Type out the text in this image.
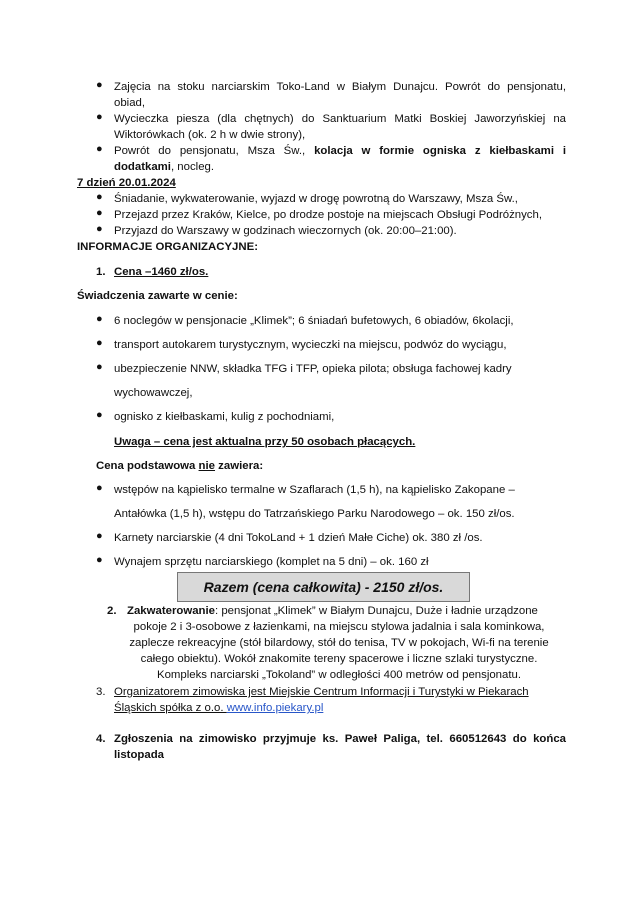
● Zajęcia na stoku narciarskim Toko-Land w Białym Dunajcu. Powrót do pensjonatu,
obiad,
● Wycieczka piesza (dla chętnych) do Sanktuarium Matki Boskiej Jaworzyńskiej na
Wiktorówkach (ok. 2 h w dwie strony),
● Powrót do pensjonatu, Msza Św., kolacja w formie ogniska z kiełbaskami i
dodatkami, nocleg.
7 dzień 20.01.2024
● Śniadanie, wykwaterowanie, wyjazd w drogę powrotną do Warszawy, Msza Św.,
● Przejazd przez Kraków, Kielce, po drodze postoje na miejscach Obsługi Podróżnych,
● Przyjazd do Warszawy w godzinach wieczornych (ok. 20:00–21:00).
INFORMACJE ORGANIZACYJNE:
1. Cena –1460 zł/os.
Świadczenia zawarte w cenie:
● 6 noclegów w pensjonacie „Klimek”; 6 śniadań bufetowych, 6 obiadów, 6kolacji,
● transport autokarem turystycznym, wycieczki na miejscu, podwóz do wyciągu,
● ubezpieczenie NNW, składka TFG i TFP, opieka pilota; obsługa fachowej kadry
wychowawczej,
● ognisko z kiełbaskami, kulig z pochodniami,
Uwaga – cena jest aktualna przy 50 osobach płacących.
Cena podstawowa nie zawiera:
● wstępów na kąpielisko termalne w Szaflarach (1,5 h), na kąpielisko Zakopane –
Antałówka (1,5 h), wstępu do Tatrzańskiego Parku Narodowego – ok. 150 zł/os.
● Karnety narciarskie (4 dni TokoLand + 1 dzień Małe Ciche) ok. 380 zł /os.
● Wynajem sprzętu narciarskiego (komplet na 5 dni) – ok. 160 zł
Razem (cena całkowita) - 2150 zł/os.
2. Zakwaterowanie: pensjonat „Klimek” w Białym Dunajcu, Duże i ładnie urządzone
pokoje 2 i 3-osobowe z łazienkami, na miejscu stylowa jadalnia i sala kominkowa,
zaplecze rekreacyjne (stół bilardowy, stół do tenisa, TV w pokojach, Wi-fi na terenie
całego obiektu). Wokół znakomite tereny spacerowe i liczne szlaki turystyczne.
Kompleks narciarski „Tokoland” w odległości 400 metrów od pensjonatu.
3. Organizatorem zimowiska jest Miejskie Centrum Informacji i Turystyki w Piekarach
Śląskich spółka z o.o. www.info.piekary.pl
4. Zgłoszenia na zimowisko przyjmuje ks. Paweł Paliga, tel. 660512643 do końca
listopada
